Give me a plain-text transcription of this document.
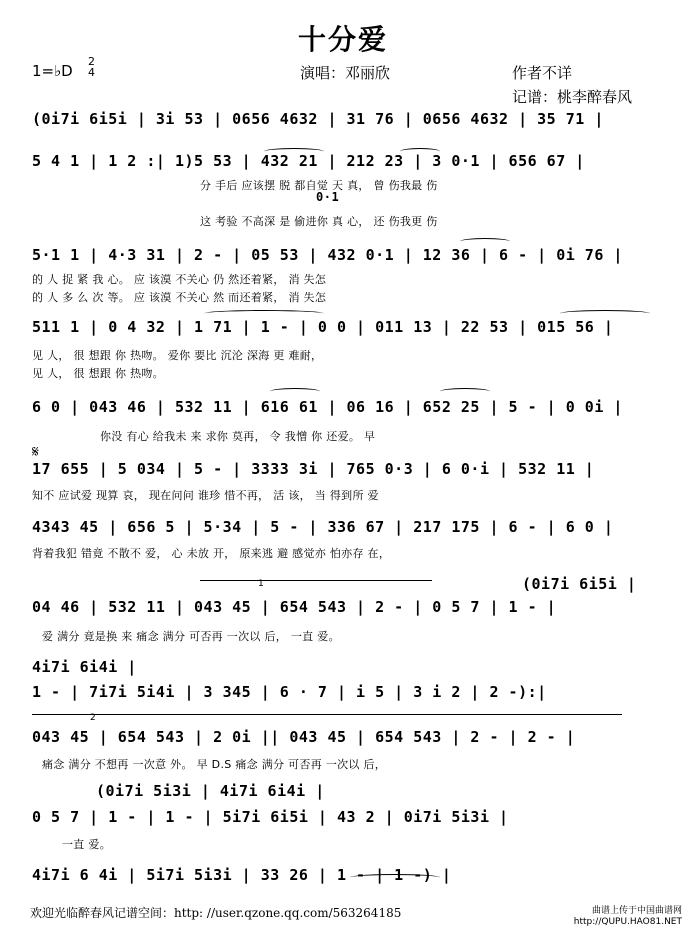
十分爱
1=♭D
2
4	演唱：邓丽欣	作者不详
记谱：桃李醉春风
(0i7i 6i5i | 3i 53 | 0656 4632 | 31 76 | 0656 4632 | 35 71 |
5 4 1 | 1 2 :| 1)5 53 | 432 21 | 212 23 | 3 0·1 | 656 67 |
分 手后 应该摆 脱 都自觉 天 真， 曾 伤我最 伤
0·1
这 考验 不高深 是 偷进你 真 心， 还 伤我更 伤
5·1 1 | 4·3 31 | 2 - | 05 53 | 432 0·1 | 12 36 | 6 - | 0i 76 |
的 人 捉 紧 我 心。 应 该漠 不关心 仍 然还着紧， 消 失怎
的 人 多 么 次 等。 应 该漠 不关心 然 而还着紧， 消 失怎
511 1 | 0 4 32 | 1 71 | 1 - | 0 0 | 011 13 | 22 53 | 015 56 |
见 人， 很 想跟 你 热吻。 爱你 要比 沉沦 深海 更 难耐，
见 人， 很 想跟 你 热吻。
6 0 | 043 46 | 532 11 | 616 61 | 06 16 | 652 25 | 5 - | 0 0i |
你没 有心 给我未 来 求你 莫再， 令 我憎 你 还爱。 早
𝄋
17 655 | 5 034 | 5 - | 3333 3i | 765 0·3 | 6 0·i | 532 11 |
知不 应试爱 现算 哀， 现在问问 谁珍 惜不再， 活 该， 当 得到所 爱
4343 45 | 656 5 | 5·34 | 5 - | 336 67 | 217 175 | 6 - | 6 0 |
背着我犯 错竟 不散不 爱， 心 未放 开， 原来逃 避 感觉亦 怕亦存 在，
1	(0i7i 6i5i |
04 46 | 532 11 | 043 45 | 654 543 | 2 - | 0 5 7 | 1 - |
爱 满分 竟是换 来 痛念 满分 可否再 一次以 后， 一直 爱。
4i7i 6i4i |
1 - | 7i7i 5i4i | 3 345 | 6 · 7 | i 5 | 3 i 2 | 2 -):|
2
043 45 | 654 543 | 2 0i || 043 45 | 654 543 | 2 - | 2 - |
痛念 满分 不想再 一次意 外。 早 D.S 痛念 满分 可否再 一次以 后，
(0i7i 5i3i | 4i7i 6i4i |
0 5 7 | 1 - | 1 - | 5i7i 6i5i | 43 2 | 0i7i 5i3i |
一直 爱。
4i7i 6 4i | 5i7i 5i3i | 33 26 | 1 - | 1 -) |
欢迎光临醉春风记谱空间：http: //user.qzone.qq.com/563264185	曲谱上传于中国曲谱网
http://QUPU.HAO81.NET
